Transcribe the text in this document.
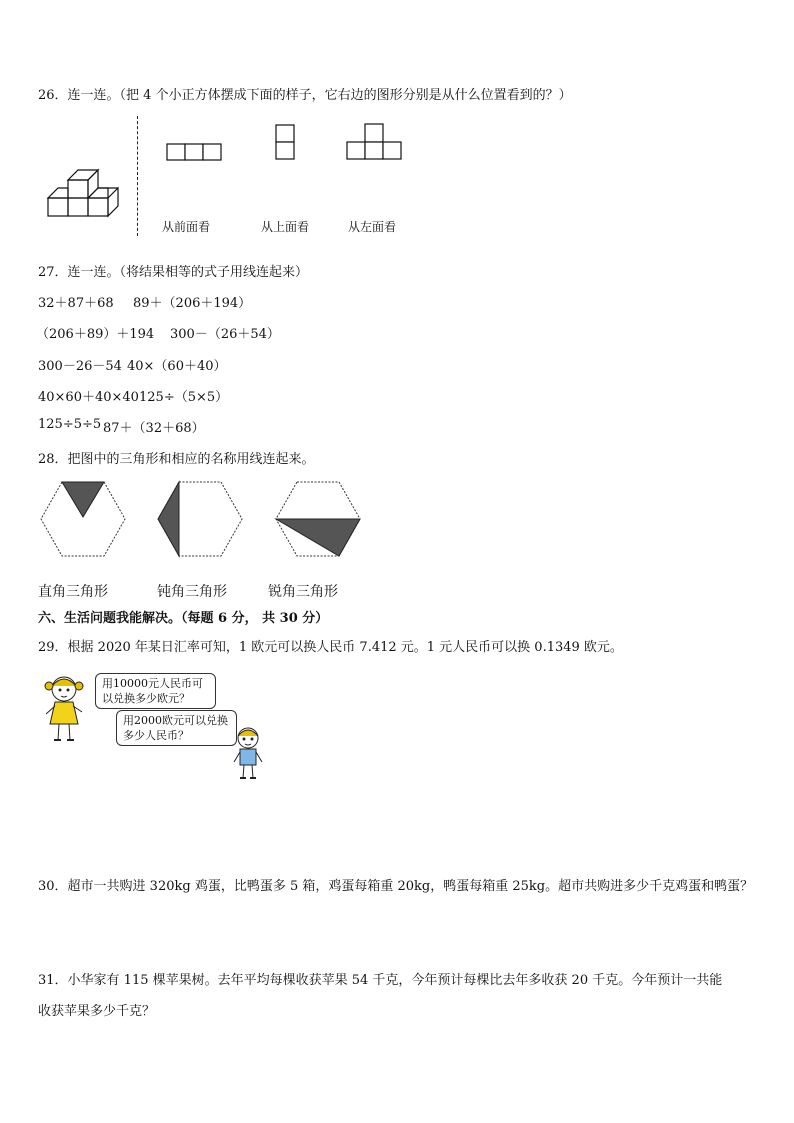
26．连一连。（把 4 个小正方体摆成下面的样子，它右边的图形分别是从什么位置看到的？）
从前面看	从上面看	从左面看
27．连一连。（将结果相等的式子用线连起来）
32＋87＋68 89＋（206＋194）
（206＋89）＋194 300－（26＋54）
300－26－54 40×（60＋40）
40×60＋40×40 125÷（5×5）
125÷5÷5 87＋（32＋68）
28．把图中的三角形和相应的名称用线连起来。
直角三角形	钝角三角形	锐角三角形
六、生活问题我能解决。（每题 6 分， 共 30 分）
29．根据 2020 年某日汇率可知，1 欧元可以换人民币 7.412 元。1 元人民币可以换 0.1349 欧元。
用10000元人民币可以兑换多少欧元？
用2000欧元可以兑换多少人民币？
30．超市一共购进 320kg 鸡蛋，比鸭蛋多 5 箱，鸡蛋每箱重 20kg，鸭蛋每箱重 25kg。超市共购进多少千克鸡蛋和鸭蛋？
31．小华家有 115 棵苹果树。去年平均每棵收获苹果 54 千克，今年预计每棵比去年多收获 20 千克。今年预计一共能
收获苹果多少千克？
